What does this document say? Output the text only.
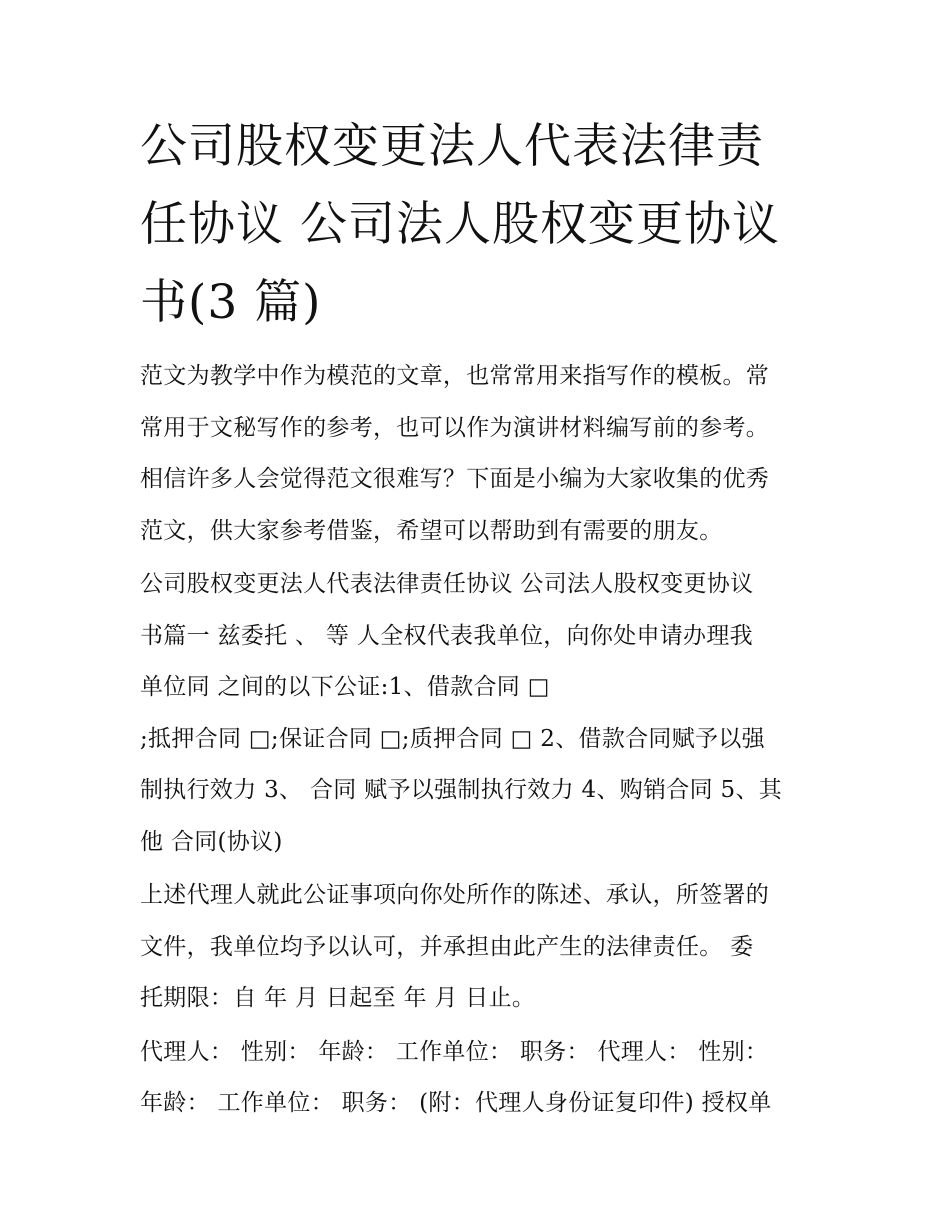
公司股权变更法人代表法律责
任协议 公司法人股权变更协议
书(3 篇)
范文为教学中作为模范的文章，也常常用来指写作的模板。常
常用于文秘写作的参考，也可以作为演讲材料编写前的参考。
相信许多人会觉得范文很难写？下面是小编为大家收集的优秀
范文，供大家参考借鉴，希望可以帮助到有需要的朋友。
公司股权变更法人代表法律责任协议 公司法人股权变更协议
书篇一 兹委托 、 等 人全权代表我单位，向你处申请办理我
单位同 之间的以下公证:1、借款合同 □
;抵押合同 □;保证合同 □;质押合同 □ 2、借款合同赋予以强
制执行效力 3、 合同 赋予以强制执行效力 4、购销合同 5、其
他 合同(协议)
上述代理人就此公证事项向你处所作的陈述、承认，所签署的
文件，我单位均予以认可，并承担由此产生的法律责任。 委
托期限：自 年 月 日起至 年 月 日止。
代理人： 性别： 年龄： 工作单位： 职务： 代理人： 性别：
年龄： 工作单位： 职务： (附：代理人身份证复印件) 授权单
